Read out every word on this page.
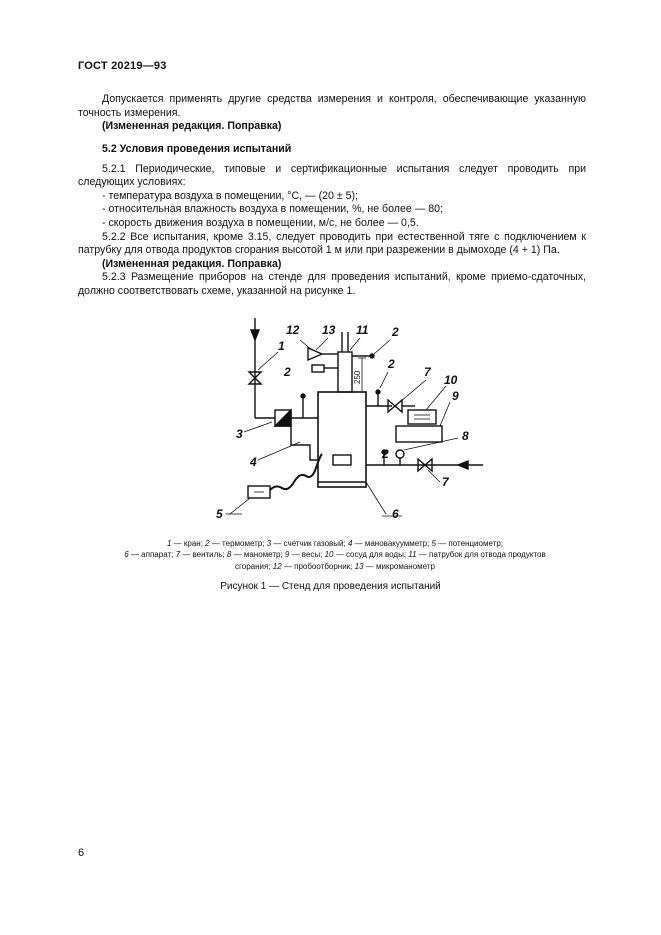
ГОСТ 20219—93

Допускается применять другие средства измерения и контроля, обеспечивающие указанную точность измерения.

(Измененная редакция. Поправка)

5.2 Условия проведения испытаний

5.2.1 Периодические, типовые и сертификационные испытания следует проводить при следующих условиях:

- температура воздуха в помещении, °С, — (20 ± 5);

- относительная влажность воздуха в помещении, %, не более — 80;

- скорость движения воздуха в помещении, м/с, не более — 0,5.

5.2.2 Все испытания, кроме 3.15, следует проводить при естественной тяге с подключением к патрубку для отвода продуктов сгорания высотой 1 м или при разрежении в дымоходе (4 + 1) Па.

(Измененная редакция. Поправка)

5.2.3 Размещение приборов на стенде для проведения испытаний, кроме приемо-сдаточных, должно соответствовать схеме, указанной на рисунке 1.

12 13 11 2
1
2
2
7
10
9
3	8
2
4
7
5	6
250
1 — кран; 2 — термометр; 3 — счетчик газовый; 4 — мановакуумметр; 5 — потенциометр;
6 — аппарат; 7 — вентиль; 8 — манометр; 9 — весы; 10 — сосуд для воды; 11 — патрубок для отвода продуктов сгорания; 12 — пробоотборник; 13 — микроманометр
Рисунок 1 — Стенд для проведения испытаний
6
